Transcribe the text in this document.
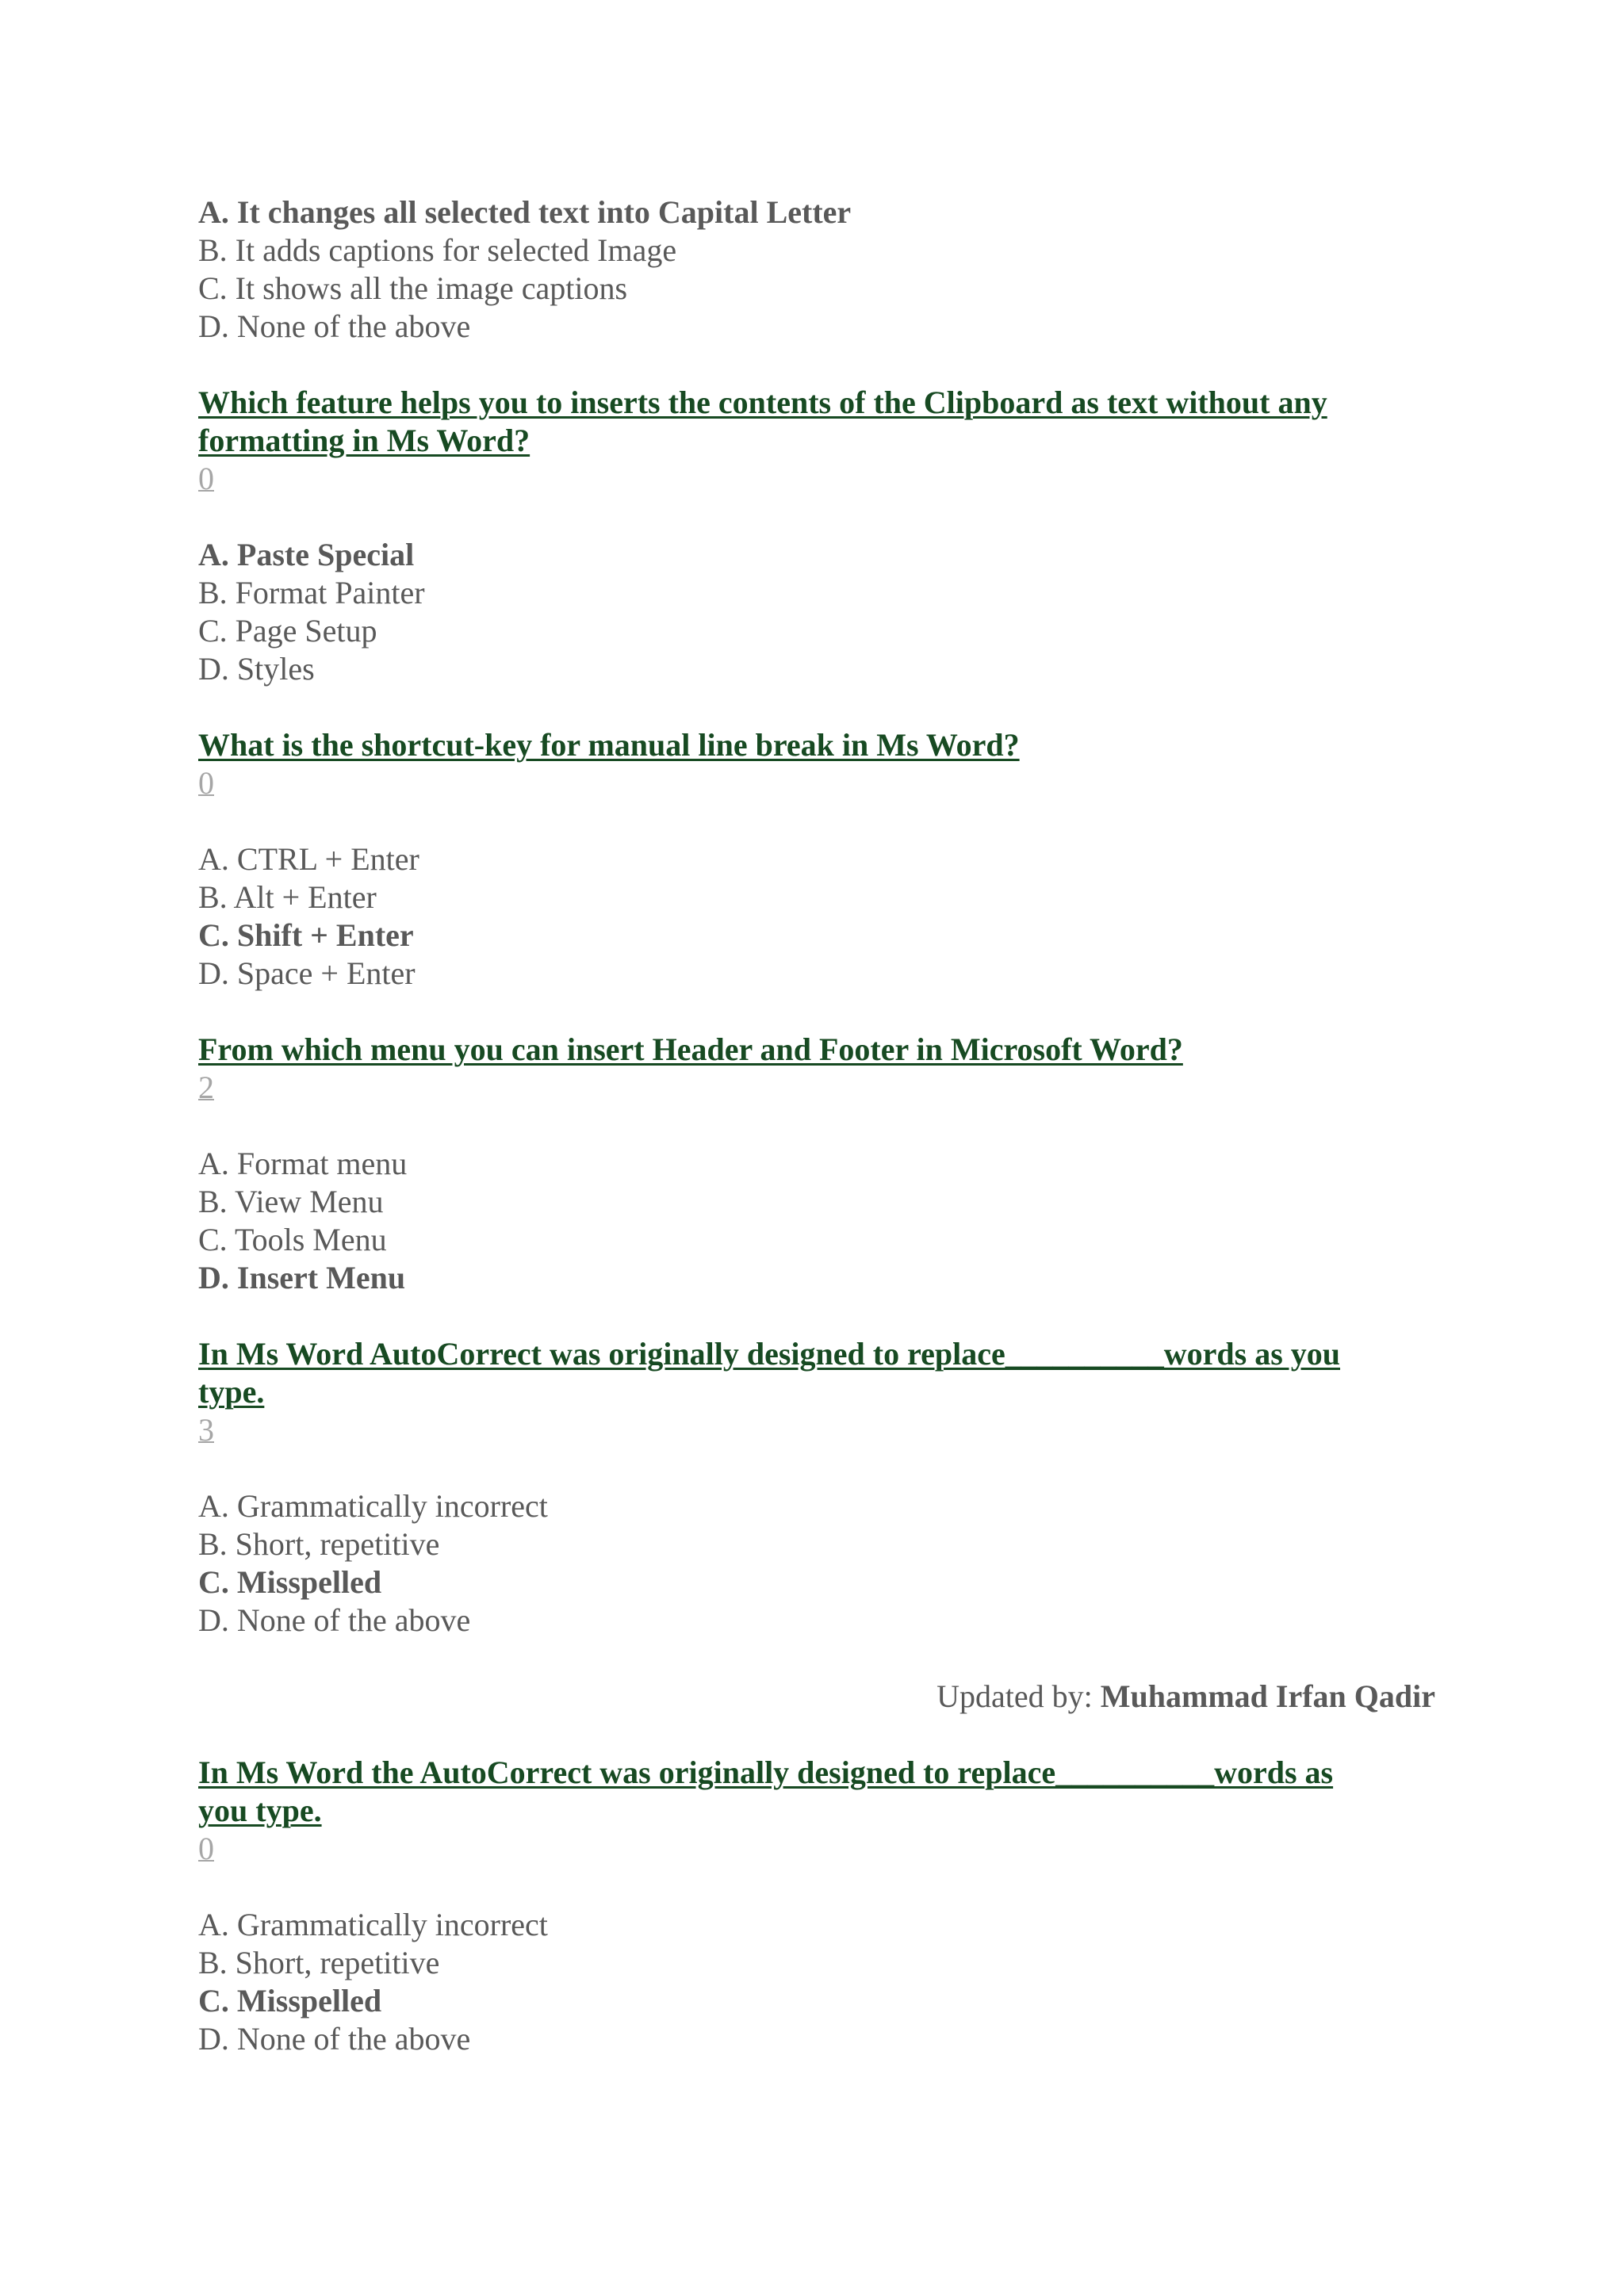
A. It changes all selected text into Capital Letter
B. It adds captions for selected Image
C. It shows all the image captions
D. None of the above
Which feature helps you to inserts the contents of the Clipboard as text without any
formatting in Ms Word?
0
A. Paste Special
B. Format Painter
C. Page Setup
D. Styles
What is the shortcut-key for manual line break in Ms Word?
0
A. CTRL + Enter
B. Alt + Enter
C. Shift + Enter
D. Space + Enter
From which menu you can insert Header and Footer in Microsoft Word?
2
A. Format menu
B. View Menu
C. Tools Menu
D. Insert Menu
In Ms Word AutoCorrect was originally designed to replace__________words as you
type.
3
A. Grammatically incorrect
B. Short, repetitive
C. Misspelled
D. None of the above
Updated by: Muhammad Irfan Qadir
In Ms Word the AutoCorrect was originally designed to replace__________words as
you type.
0
A. Grammatically incorrect
B. Short, repetitive
C. Misspelled
D. None of the above
